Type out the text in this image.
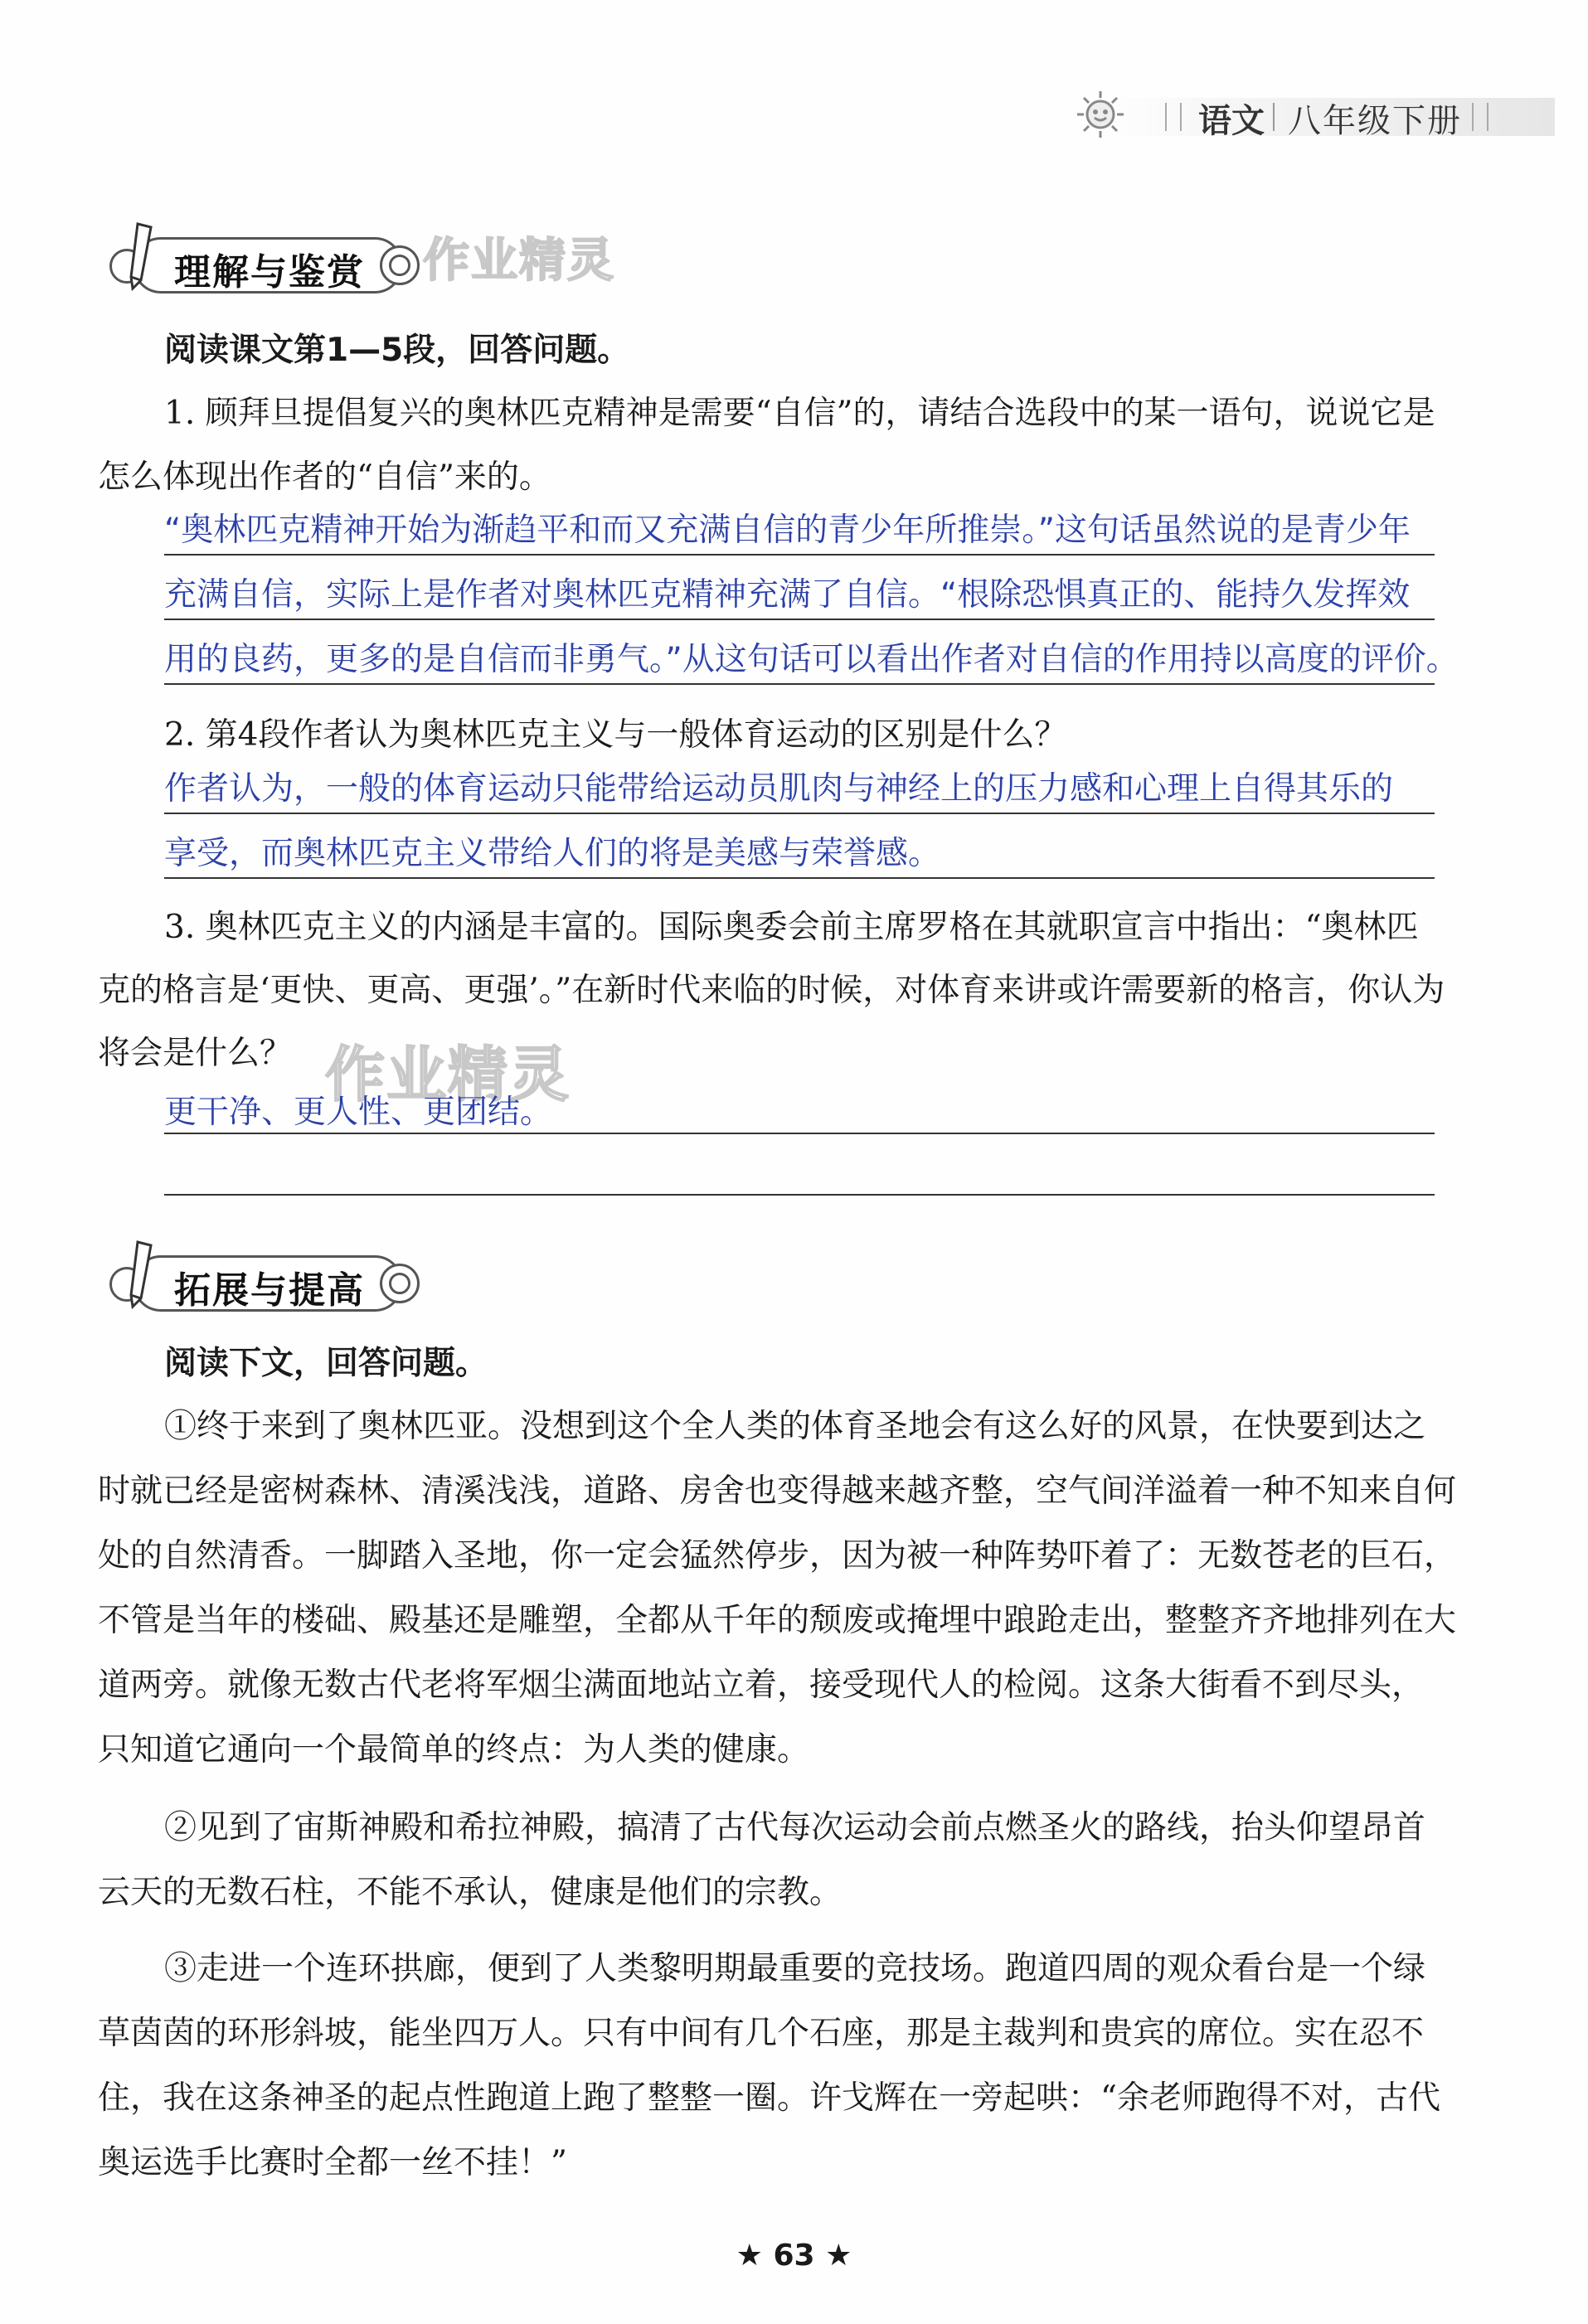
语文 八年级下册
理解与鉴赏 作业精灵
阅读课文第1—5段，回答问题。
1. 顾拜旦提倡复兴的奥林匹克精神是需要“自信”的，请结合选段中的某一语句，说说它是
怎么体现出作者的“自信”来的。
“奥林匹克精神开始为渐趋平和而又充满自信的青少年所推崇。”这句话虽然说的是青少年
充满自信，实际上是作者对奥林匹克精神充满了自信。“根除恐惧真正的、能持久发挥效
用的良药，更多的是自信而非勇气。”从这句话可以看出作者对自信的作用持以高度的评价。
2. 第4段作者认为奥林匹克主义与一般体育运动的区别是什么？
作者认为，一般的体育运动只能带给运动员肌肉与神经上的压力感和心理上自得其乐的
享受，而奥林匹克主义带给人们的将是美感与荣誉感。
3. 奥林匹克主义的内涵是丰富的。国际奥委会前主席罗格在其就职宣言中指出：“奥林匹
克的格言是‘更快、更高、更强’。”在新时代来临的时候，对体育来讲或许需要新的格言，你认为
将会是什么？ 作业精灵
更干净、更人性、更团结。
拓展与提高
阅读下文，回答问题。
①终于来到了奥林匹亚。没想到这个全人类的体育圣地会有这么好的风景，在快要到达之
时就已经是密树森林、清溪浅浅，道路、房舍也变得越来越齐整，空气间洋溢着一种不知来自何
处的自然清香。一脚踏入圣地，你一定会猛然停步，因为被一种阵势吓着了：无数苍老的巨石，
不管是当年的楼础、殿基还是雕塑，全都从千年的颓废或掩埋中踉跄走出，整整齐齐地排列在大
道两旁。就像无数古代老将军烟尘满面地站立着，接受现代人的检阅。这条大街看不到尽头，
只知道它通向一个最简单的终点：为人类的健康。
②见到了宙斯神殿和希拉神殿，搞清了古代每次运动会前点燃圣火的路线，抬头仰望昂首
云天的无数石柱，不能不承认，健康是他们的宗教。
③走进一个连环拱廊，便到了人类黎明期最重要的竞技场。跑道四周的观众看台是一个绿
草茵茵的环形斜坡，能坐四万人。只有中间有几个石座，那是主裁判和贵宾的席位。实在忍不
住，我在这条神圣的起点性跑道上跑了整整一圈。许戈辉在一旁起哄：“余老师跑得不对，古代
奥运选手比赛时全都一丝不挂！”
★ 63 ★
